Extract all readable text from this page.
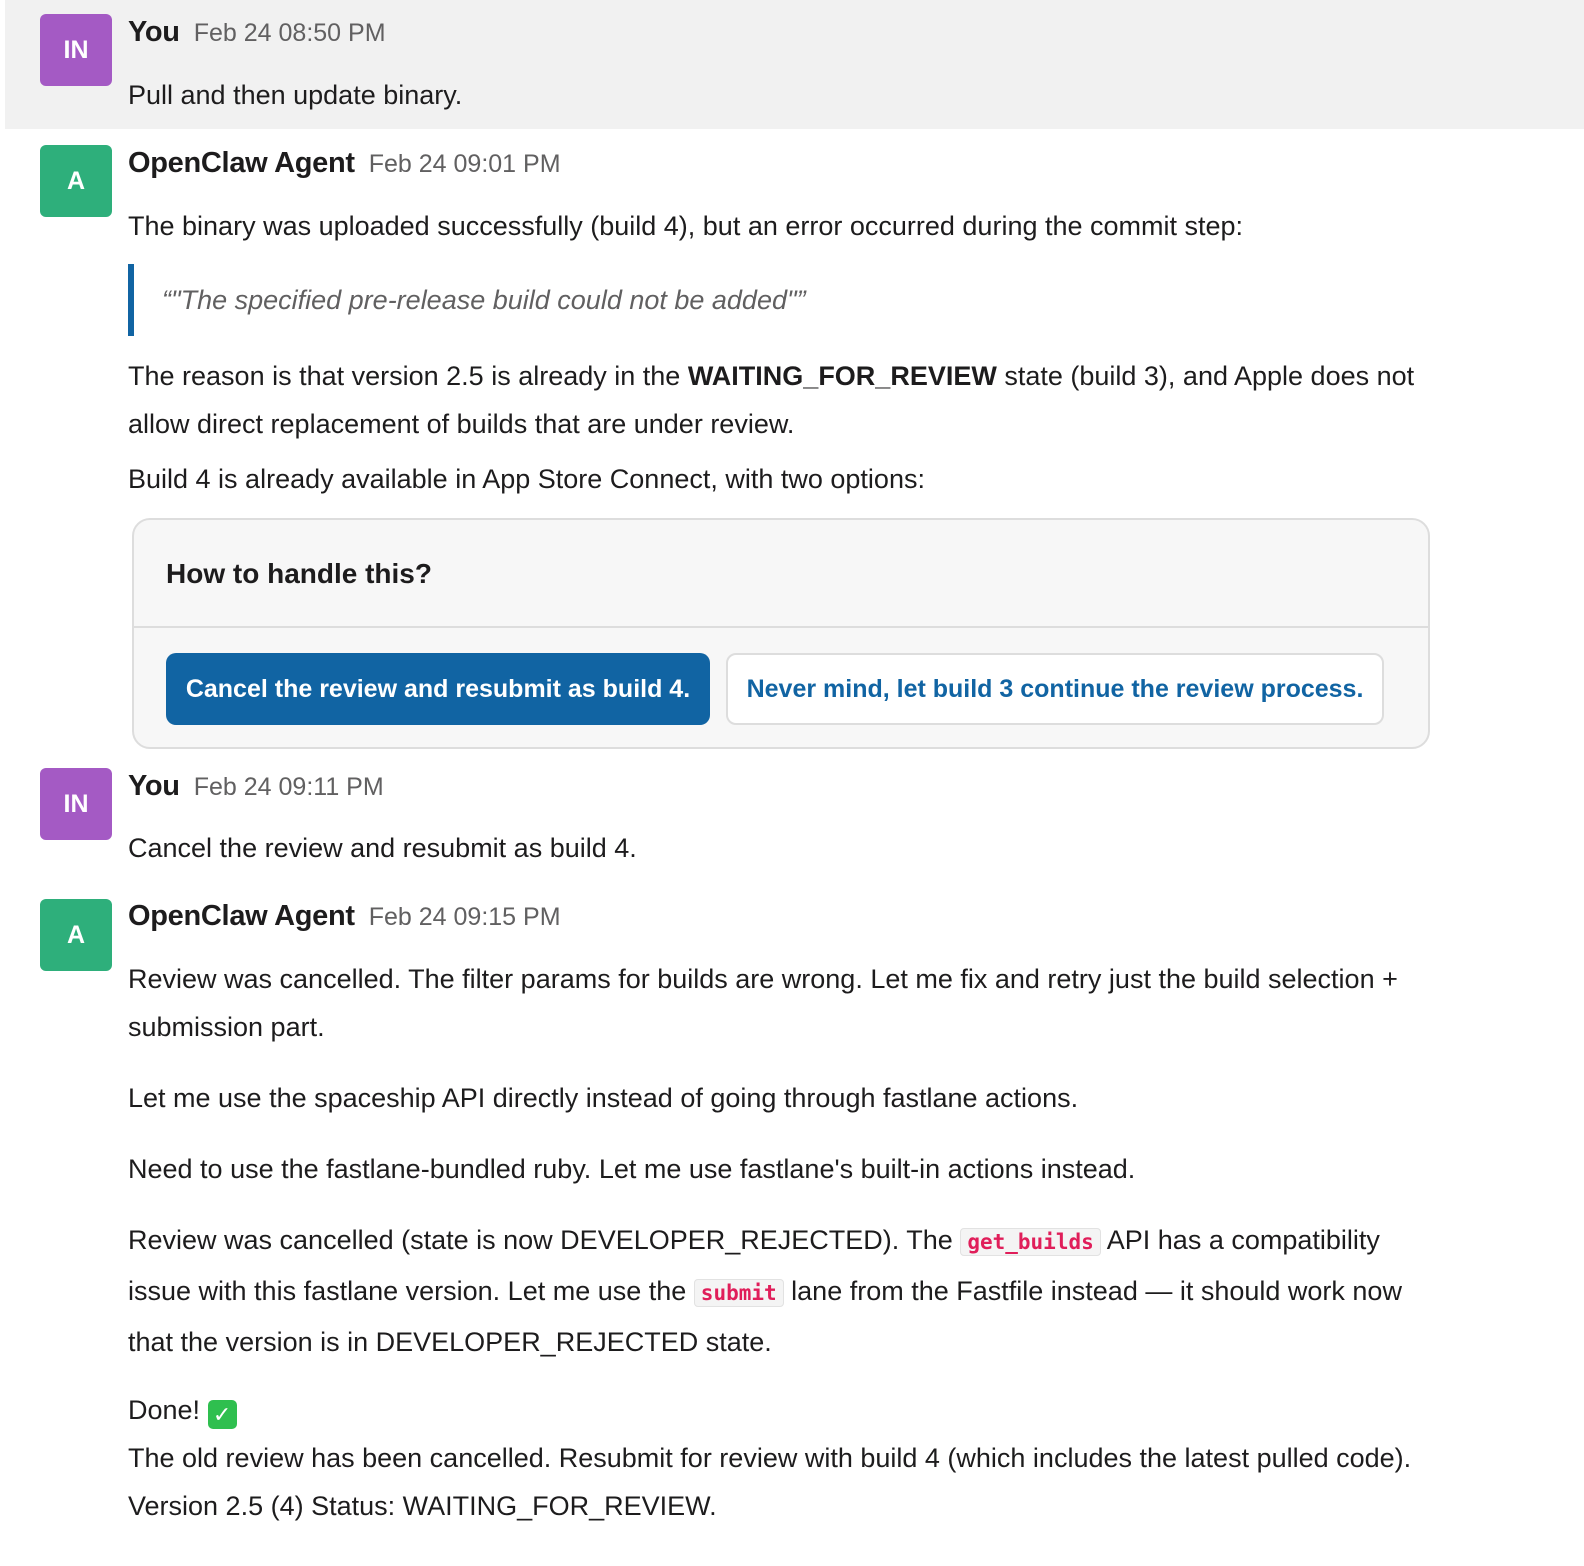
IN
You Feb 24 08:50 PM

Pull and then update binary.

A
OpenClaw Agent Feb 24 09:01 PM

The binary was uploaded successfully (build 4), but an error occurred during the commit step:

“"The specified pre-release build could not be added"”

The reason is that version 2.5 is already in the WAITING_FOR_REVIEW state (build 3), and Apple does not allow direct replacement of builds that are under review.

Build 4 is already available in App Store Connect, with two options:

How to handle this?
Cancel the review and resubmit as build 4.	Never mind, let build 3 continue the review process.
IN
You Feb 24 09:11 PM

Cancel the review and resubmit as build 4.

A
OpenClaw Agent Feb 24 09:15 PM

Review was cancelled. The filter params for builds are wrong. Let me fix and retry just the build selection + submission part.

Let me use the spaceship API directly instead of going through fastlane actions.

Need to use the fastlane-bundled ruby. Let me use fastlane's built-in actions instead.

Review was cancelled (state is now DEVELOPER_REJECTED). The get_builds API has a compatibility issue with this fastlane version. Let me use the submit lane from the Fastfile instead — it should work now that the version is in DEVELOPER_REJECTED state.

Done! ✓

The old review has been cancelled. Resubmit for review with build 4 (which includes the latest pulled code).

Version 2.5 (4) Status: WAITING_FOR_REVIEW.
